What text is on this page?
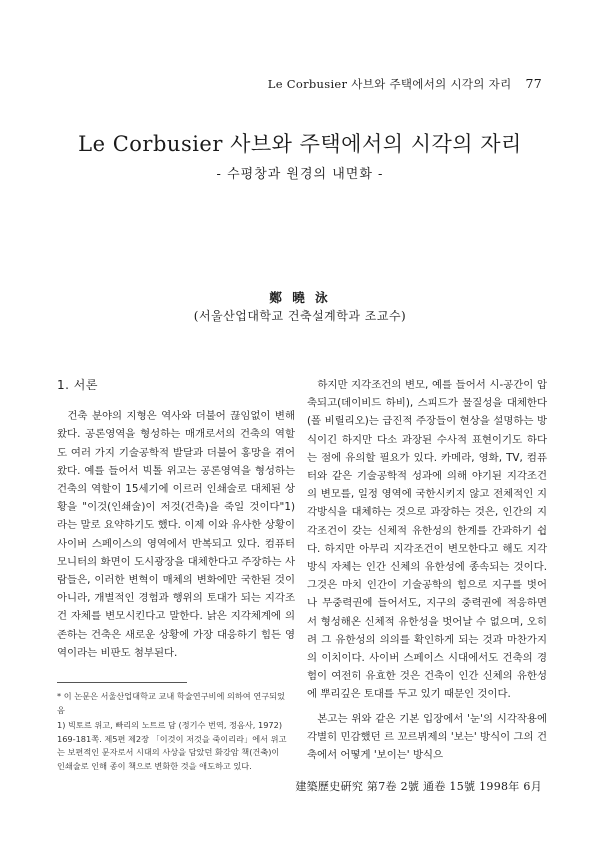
Le Corbusier 사브와 주택에서의 시각의 자리 77
Le Corbusier 사브와 주택에서의 시각의 자리
- 수평창과 원경의 내면화 -
鄭 曉 泳
(서울산업대학교 건축설계학과 조교수)
1. 서론

건축 분야의 지형은 역사와 더불어 끊임없이 변해왔다. 공론영역을 형성하는 매개로서의 건축의 역할도 여러 가지 기술공학적 발달과 더불어 홍망을 겪어왔다. 예를 들어서 빅톨 위고는 공론영역을 형성하는 건축의 역할이 15세기에 이르러 인쇄술로 대체된 상황을 "이것(인쇄술)이 저것(건축)을 죽일 것이다"1)라는 말로 요약하기도 했다. 이제 이와 유사한 상황이 사이버 스페이스의 영역에서 반복되고 있다. 컴퓨터 모니터의 화면이 도시광장을 대체한다고 주장하는 사람들은, 이러한 변혁이 매체의 변화에만 국한된 것이 아니라, 개별적인 경험과 행위의 토대가 되는 지각조건 자체를 변모시킨다고 말한다. 낡은 지각체계에 의존하는 건축은 새로운 상황에 가장 대응하기 힘든 영역이라는 비판도 첨부된다.

* 이 논문은 서울산업대학교 교내 학술연구비에 의하여 연구되었음

1) 빅토르 위고, 빠리의 노트르 담 (정기수 번역, 정음사, 1972) 169-181쪽. 제5편 제2장 「이것이 저것을 죽이리라」에서 위고는 보편적인 문자로서 시대의 사상을 담았던 화강암 책(건축)이 인쇄술로 인해 종이 책으로 변화한 것을 애도하고 있다.

하지만 지각조건의 변모, 예를 들어서 시-공간이 압축되고(데이비드 하비), 스피드가 물질성을 대체한다(폴 비릴리오)는 급진적 주장들이 현상을 설명하는 방식이긴 하지만 다소 과장된 수사적 표현이기도 하다는 점에 유의할 필요가 있다. 카메라, 영화, TV, 컴퓨터와 같은 기술공학적 성과에 의해 야기된 지각조건의 변모를, 일정 영역에 국한시키지 않고 전체적인 지각방식을 대체하는 것으로 과장하는 것은, 인간의 지각조건이 갖는 신체적 유한성의 한계를 간과하기 쉽다. 하지만 아무리 지각조건이 변모한다고 해도 지각방식 자체는 인간 신체의 유한성에 종속되는 것이다. 그것은 마치 인간이 기술공학의 힘으로 지구를 벗어나 무중력권에 들어서도, 지구의 중력권에 적응하면서 형성해온 신체적 유한성을 벗어날 수 없으며, 오히려 그 유한성의 의의를 확인하게 되는 것과 마찬가지의 이치이다. 사이버 스페이스 시대에서도 건축의 경험이 여전히 유효한 것은 건축이 인간 신체의 유한성에 뿌리깊은 토대를 두고 있기 때문인 것이다.

본고는 위와 같은 기본 입장에서 '눈'의 시각작용에 각별히 민감했던 르 꼬르뷔제의 '보는' 방식이 그의 건축에서 어떻게 '보이는' 방식으

建築歷史硏究 第7卷 2號 通卷 15號 1998年 6月
